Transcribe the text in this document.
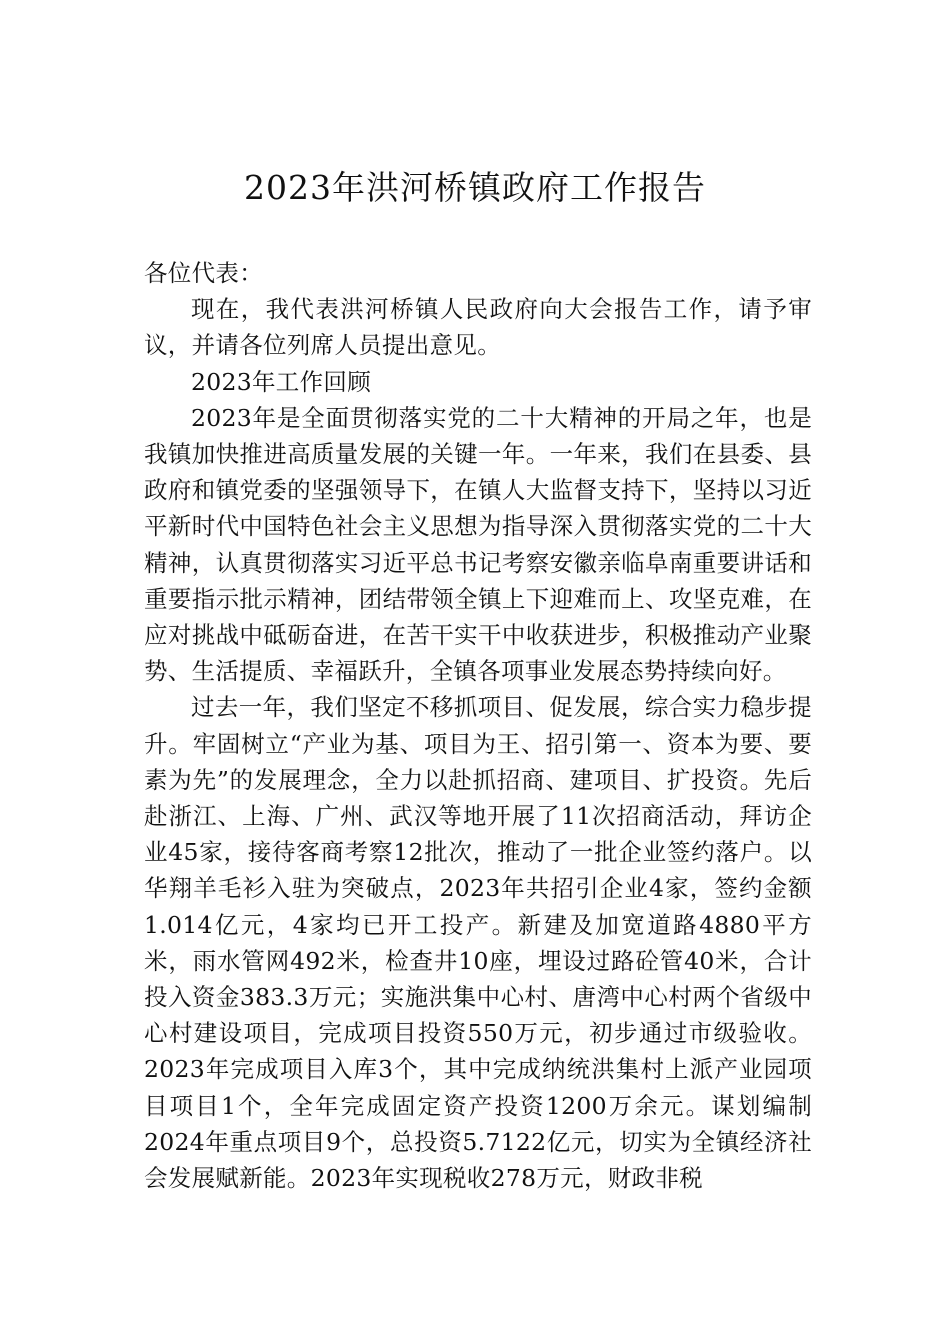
2023年洪河桥镇政府工作报告

各位代表：

现在，我代表洪河桥镇人民政府向大会报告工作，请予审议，并请各位列席人员提出意见。

2023年工作回顾

2023年是全面贯彻落实党的二十大精神的开局之年，也是我镇加快推进高质量发展的关键一年。一年来，我们在县委、县政府和镇党委的坚强领导下，在镇人大监督支持下，坚持以习近平新时代中国特色社会主义思想为指导深入贯彻落实党的二十大精神，认真贯彻落实习近平总书记考察安徽亲临阜南重要讲话和重要指示批示精神，团结带领全镇上下迎难而上、攻坚克难，在应对挑战中砥砺奋进，在苦干实干中收获进步，积极推动产业聚势、生活提质、幸福跃升，全镇各项事业发展态势持续向好。

过去一年，我们坚定不移抓项目、促发展，综合实力稳步提升。牢固树立“产业为基、项目为王、招引第一、资本为要、要素为先”的发展理念，全力以赴抓招商、建项目、扩投资。先后赴浙江、上海、广州、武汉等地开展了11次招商活动，拜访企业45家，接待客商考察12批次，推动了一批企业签约落户。以华翔羊毛衫入驻为突破点，2023年共招引企业4家，签约金额1.014亿元，4家均已开工投产。新建及加宽道路4880平方米，雨水管网492米，检查井10座，埋设过路砼管40米，合计投入资金383.3万元；实施洪集中心村、唐湾中心村两个省级中心村建设项目，完成项目投资550万元，初步通过市级验收。2023年完成项目入库3个，其中完成纳统洪集村上派产业园项目项目1个，全年完成固定资产投资1200万余元。谋划编制2024年重点项目9个，总投资5.7122亿元，切实为全镇经济社会发展赋新能。2023年实现税收278万元，财政非税
